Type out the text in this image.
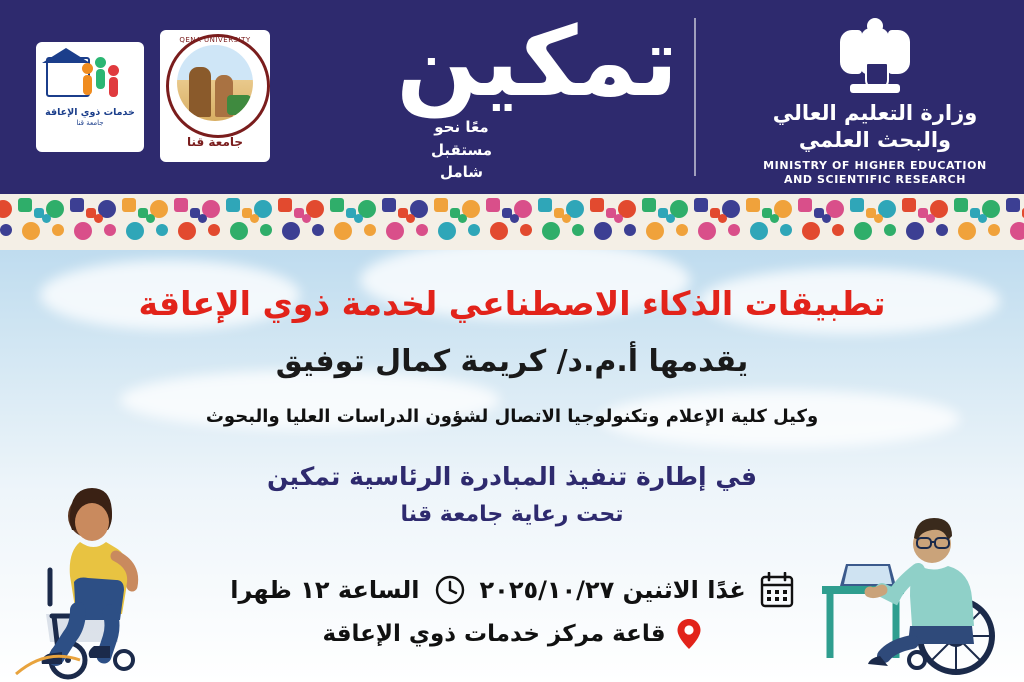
خدمات ذوي الإعاقة
جامعة قنا
QENA UNIVERSITY
جامعة قنا
تمكين
معًا نحو
مستقبل
شامل
وزارة التعليم العالي والبحث العلمي
MINISTRY OF HIGHER EDUCATION
AND SCIENTIFIC RESEARCH
تطبيقات الذكاء الاصطناعي لخدمة ذوي الإعاقة
يقدمها أ.م.د/ كريمة كمال توفيق
وكيل كلية الإعلام وتكنولوجيا الاتصال لشؤون الدراسات العليا والبحوث
في إطارة تنفيذ المبادرة الرئاسية تمكين
تحت رعاية جامعة قنا
غدًا الاثنين ٢٠٢٥/١٠/٢٧
الساعة ١٢ ظهرا
قاعة مركز خدمات ذوي الإعاقة
